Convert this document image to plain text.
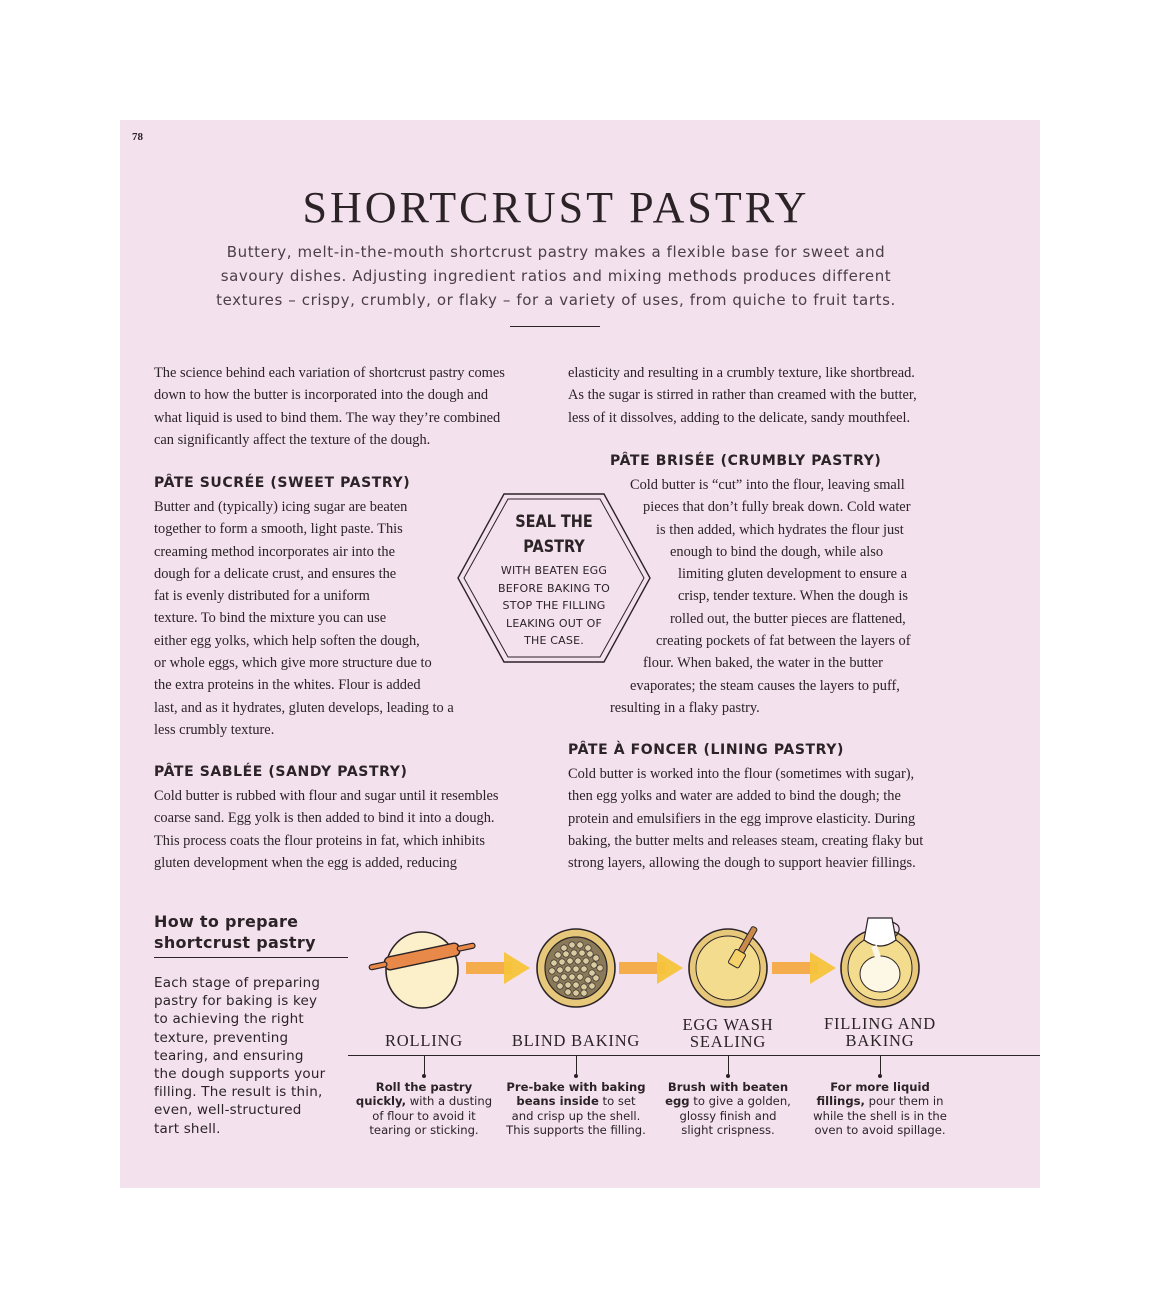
78
SHORTCRUST PASTRY
Buttery, melt-in-the-mouth shortcrust pastry makes a flexible base for sweet and
savoury dishes. Adjusting ingredient ratios and mixing methods produces different
textures – crispy, crumbly, or flaky – for a variety of uses, from quiche to fruit tarts.
The science behind each variation of shortcrust pastry comes
down to how the butter is incorporated into the dough and
what liquid is used to bind them. The way they’re combined
can significantly affect the texture of the dough.
PÂTE SUCRÉE (SWEET PASTRY)
Butter and (typically) icing sugar are beaten
together to form a smooth, light paste. This
creaming method incorporates air into the
dough for a delicate crust, and ensures the
fat is evenly distributed for a uniform
texture. To bind the mixture you can use
either egg yolks, which help soften the dough,
or whole eggs, which give more structure due to
the extra proteins in the whites. Flour is added
last, and as it hydrates, gluten develops, leading to a
less crumbly texture.
PÂTE SABLÉE (SANDY PASTRY)
Cold butter is rubbed with flour and sugar until it resembles
coarse sand. Egg yolk is then added to bind it into a dough.
This process coats the flour proteins in fat, which inhibits
gluten development when the egg is added, reducing
elasticity and resulting in a crumbly texture, like shortbread.
As the sugar is stirred in rather than creamed with the butter,
less of it dissolves, adding to the delicate, sandy mouthfeel.
PÂTE BRISÉE (CRUMBLY PASTRY)
Cold butter is “cut” into the flour, leaving small
pieces that don’t fully break down. Cold water
is then added, which hydrates the flour just
enough to bind the dough, while also
limiting gluten development to ensure a
crisp, tender texture. When the dough is
rolled out, the butter pieces are flattened,
creating pockets of fat between the layers of
flour. When baked, the water in the butter
evaporates; the steam causes the layers to puff,
resulting in a flaky pastry.
PÂTE À FONCER (LINING PASTRY)
Cold butter is worked into the flour (sometimes with sugar),
then egg yolks and water are added to bind the dough; the
protein and emulsifiers in the egg improve elasticity. During
baking, the butter melts and releases steam, creating flaky but
strong layers, allowing the dough to support heavier fillings.
SEAL THE
PASTRY
WITH BEATEN EGG
BEFORE BAKING TO
STOP THE FILLING
LEAKING OUT OF
THE CASE.
How to prepare
shortcrust pastry
Each stage of preparing
pastry for baking is key
to achieving the right
texture, preventing
tearing, and ensuring
the dough supports your
filling. The result is thin,
even, well-structured
tart shell.
ROLLING	BLIND BAKING
EGG WASH
SEALING
FILLING AND
BAKING
Roll the pastry
quickly, with a dusting
of flour to avoid it
tearing or sticking.
Pre-bake with baking
beans inside to set
and crisp up the shell.
This supports the filling.
Brush with beaten
egg to give a golden,
glossy finish and
slight crispness.
For more liquid
fillings, pour them in
while the shell is in the
oven to avoid spillage.
